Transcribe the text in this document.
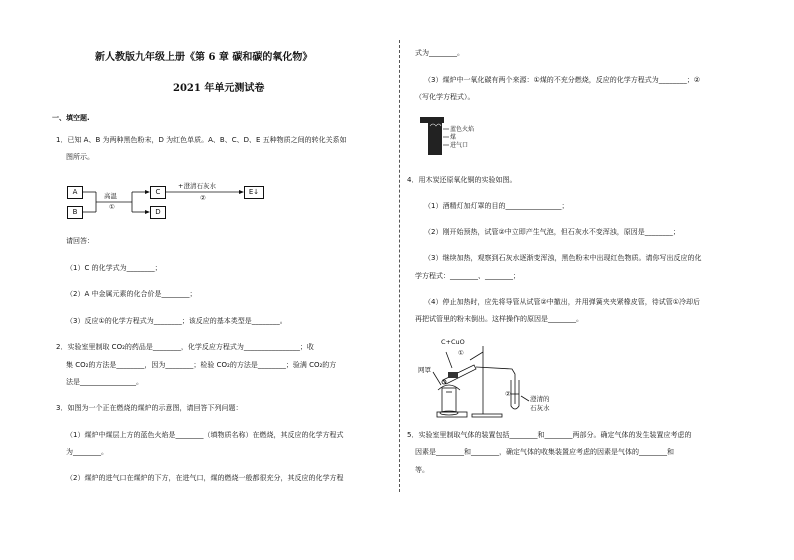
新人教版九年级上册《第 6 章 碳和碳的氧化物》
2021 年单元测试卷
一、填空题.
1．已知 A、B 为两种黑色粉末，D 为红色单质。A、B、C、D、E 五种物质之间的转化关系如
图所示。
A
B
C
D
E↓
高温
①
+澄清石灰水
②
请回答：
（1）C 的化学式为________；
（2）A 中金属元素的化合价是________；
（3）反应①的化学方程式为________；该反应的基本类型是________。
2．实验室里制取 CO₂的药品是________，化学反应方程式为________________；收
集 CO₂的方法是________，因为________；检验 CO₂的方法是________；验满 CO₂的方
法是________________。
3．如图为一个正在燃烧的煤炉的示意图，请回答下列问题：
（1）煤炉中煤层上方的蓝色火焰是________（填物质名称）在燃烧，其反应的化学方程式
为________。
（2）煤炉的进气口在煤炉的下方，在进气口，煤的燃烧一般都很充分，其反应的化学方程
式为________。
（3）煤炉中一氧化碳有两个来源：①煤的不充分燃烧，反应的化学方程式为________；②
（写化学方程式）。
蓝色火焰
煤
进气口
4．用木炭还原氧化铜的实验如图。
（1）酒精灯加灯罩的目的________________；
（2）刚开始预热，试管②中立即产生气泡，但石灰水不变浑浊，原因是________；
（3）继续加热，观察到石灰水逐渐变浑浊，黑色粉末中出现红色物质。请你写出反应的化
学方程式：________、________；
（4）停止加热时，应先将导管从试管②中撤出，并用弹簧夹夹紧橡皮管，待试管①冷却后
再把试管里的粉末倒出。这样操作的原因是________。
C+CuO
①
网罩
②
澄清的
石灰水
5．实验室里制取气体的装置包括________和________两部分。确定气体的发生装置应考虑的
因素是________和________，确定气体的收集装置应考虑的因素是气体的________和
等。
